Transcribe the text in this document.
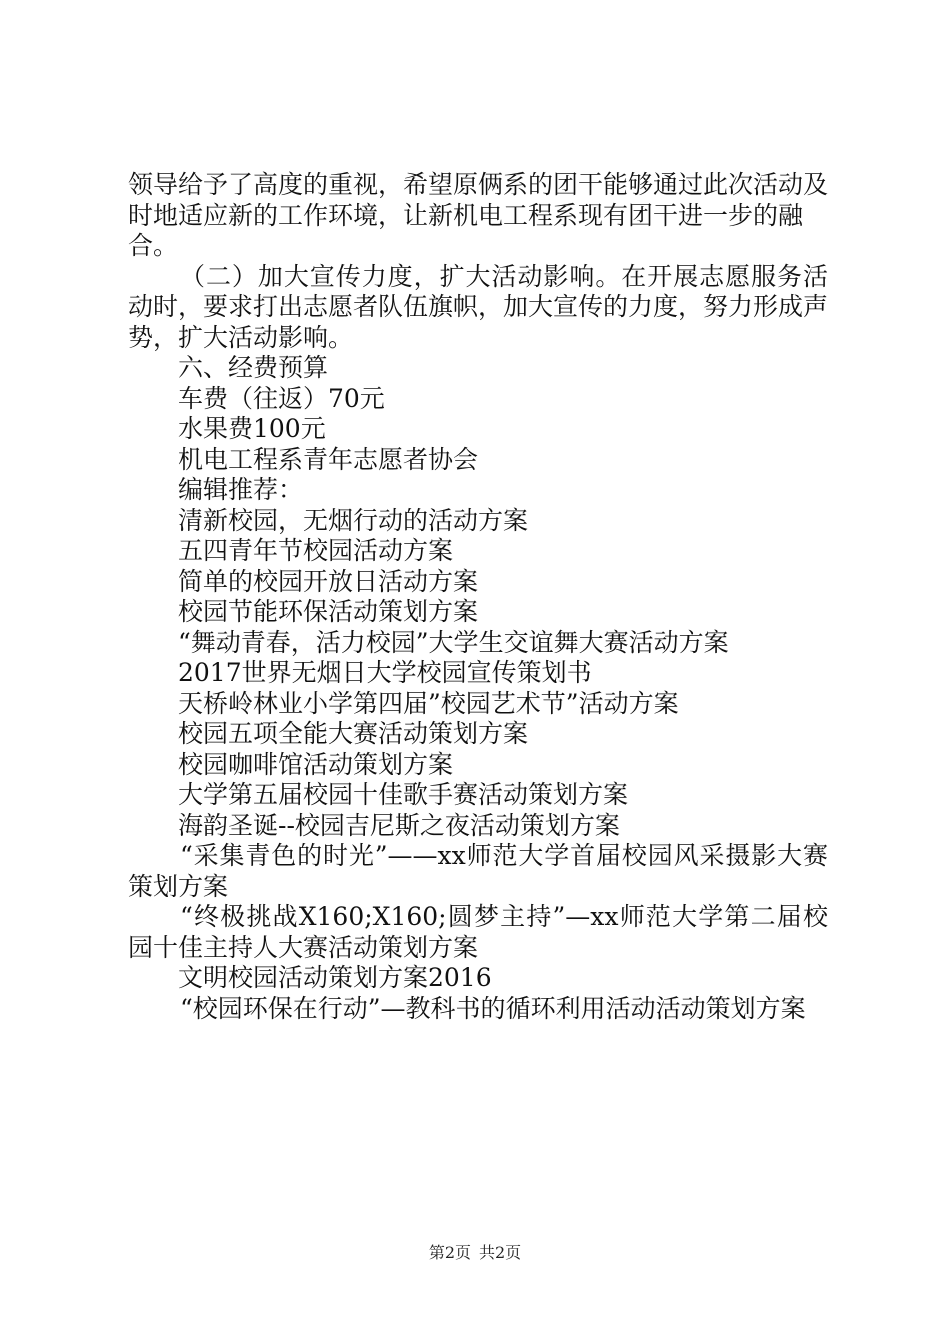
领导给予了高度的重视，希望原俩系的团干能够通过此次活动及时地适应新的工作环境，让新机电工程系现有团干进一步的融合。

（二）加大宣传力度，扩大活动影响。在开展志愿服务活动时，要求打出志愿者队伍旗帜，加大宣传的力度，努力形成声势，扩大活动影响。

六、经费预算

车费（往返）70元

水果费100元

机电工程系青年志愿者协会

编辑推荐：

清新校园，无烟行动的活动方案

五四青年节校园活动方案

简单的校园开放日活动方案

校园节能环保活动策划方案

“舞动青春，活力校园”大学生交谊舞大赛活动方案

2017世界无烟日大学校园宣传策划书

天桥岭林业小学第四届”校园艺术节”活动方案

校园五项全能大赛活动策划方案

校园咖啡馆活动策划方案

大学第五届校园十佳歌手赛活动策划方案

海韵圣诞--校园吉尼斯之夜活动策划方案

“采集青色的时光”——xx师范大学首届校园风采摄影大赛策划方案

“终极挑战X160;X160;圆梦主持”—xx师范大学第二届校园十佳主持人大赛活动策划方案

文明校园活动策划方案2016

“校园环保在行动”—教科书的循环利用活动活动策划方案

第2页 共2页
